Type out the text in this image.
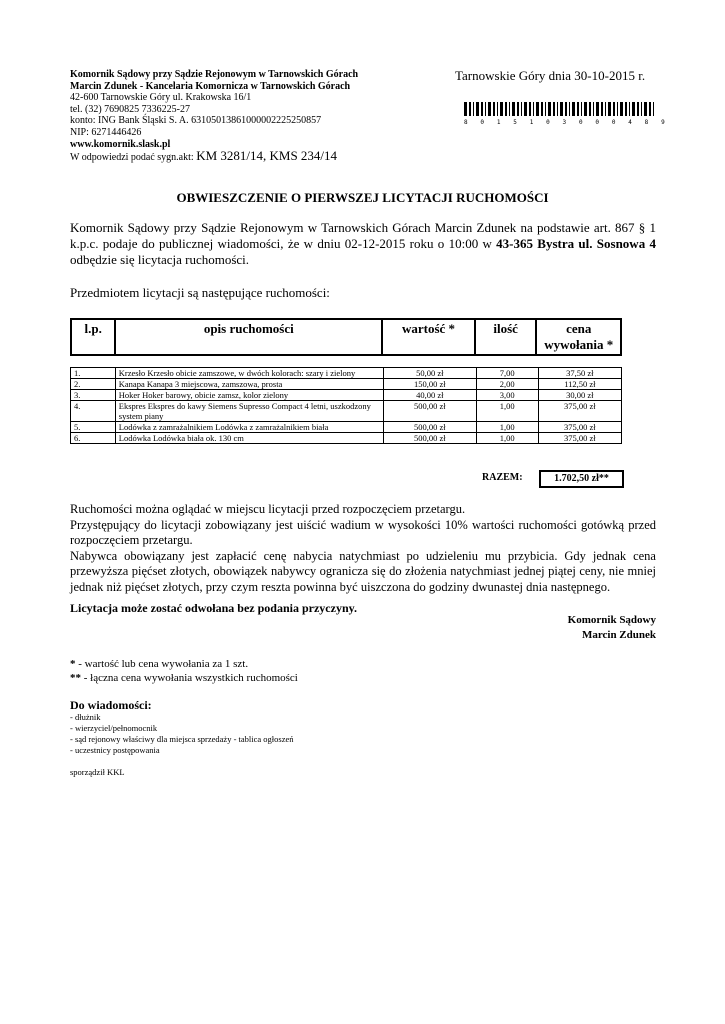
Komornik Sądowy przy Sądzie Rejonowym w Tarnowskich Górach
Marcin Zdunek - Kancelaria Komornicza w Tarnowskich Górach
42-600 Tarnowskie Góry ul. Krakowska 16/1
tel. (32) 7690825 7336225-27
konto: ING Bank Śląski S. A. 63105013861000002225250857
NIP: 6271446426
www.komornik.slask.pl
W odpowiedzi podać sygn.akt: KM 3281/14, KMS 234/14
Tarnowskie Góry dnia 30-10-2015 r.
8 0 1 5 1 0 3 0 0 0 4 8 9
OBWIESZCZENIE O PIERWSZEJ LICYTACJI RUCHOMOŚCI
Komornik Sądowy przy Sądzie Rejonowym w Tarnowskich Górach Marcin Zdunek na podstawie art. 867 § 1 k.p.c. podaje do publicznej wiadomości, że w dniu 02-12-2015 roku o 10:00 w 43-365 Bystra ul. Sosnowa 4 odbędzie się licytacja ruchomości.
Przedmiotem licytacji są następujące ruchomości:
l.p.	opis ruchomości	wartość *	ilość	cena
wywołania *
1.	Krzesło Krzesło obicie zamszowe, w dwóch kolorach: szary i zielony	50,00 zł	7,00	37,50 zł
2.	Kanapa Kanapa 3 miejscowa, zamszowa, prosta	150,00 zł	2,00	112,50 zł
3.	Hoker Hoker barowy, obicie zamsz, kolor zielony	40,00 zł	3,00	30,00 zł
4.	Ekspres Ekspres do kawy Siemens Supresso Compact 4 letni, uszkodzony system piany	500,00 zł	1,00	375,00 zł
5.	Lodówka z zamrażalnikiem Lodówka z zamrażalnikiem biała	500,00 zł	1,00	375,00 zł
6.	Lodówka Lodówka biała ok. 130 cm	500,00 zł	1,00	375,00 zł
RAZEM:	1.702,50 zł**
Ruchomości można oglądać w miejscu licytacji przed rozpoczęciem przetargu.
Przystępujący do licytacji zobowiązany jest uiścić wadium w wysokości 10% wartości ruchomości gotówką przed rozpoczęciem przetargu.
Nabywca obowiązany jest zapłacić cenę nabycia natychmiast po udzieleniu mu przybicia. Gdy jednak cena przewyższa pięćset złotych, obowiązek nabywcy ogranicza się do złożenia natychmiast jednej piątej ceny, nie mniej jednak niż pięćset złotych, przy czym reszta powinna być uiszczona do godziny dwunastej dnia następnego.
Licytacja może zostać odwołana bez podania przyczyny.
Komornik Sądowy
Marcin Zdunek
* - wartość lub cena wywołania za 1 szt.
** - łączna cena wywołania wszystkich ruchomości
Do wiadomości:
- dłużnik
- wierzyciel/pełnomocnik
- sąd rejonowy właściwy dla miejsca sprzedaży - tablica ogłoszeń
- uczestnicy postępowania
sporządził KKL
